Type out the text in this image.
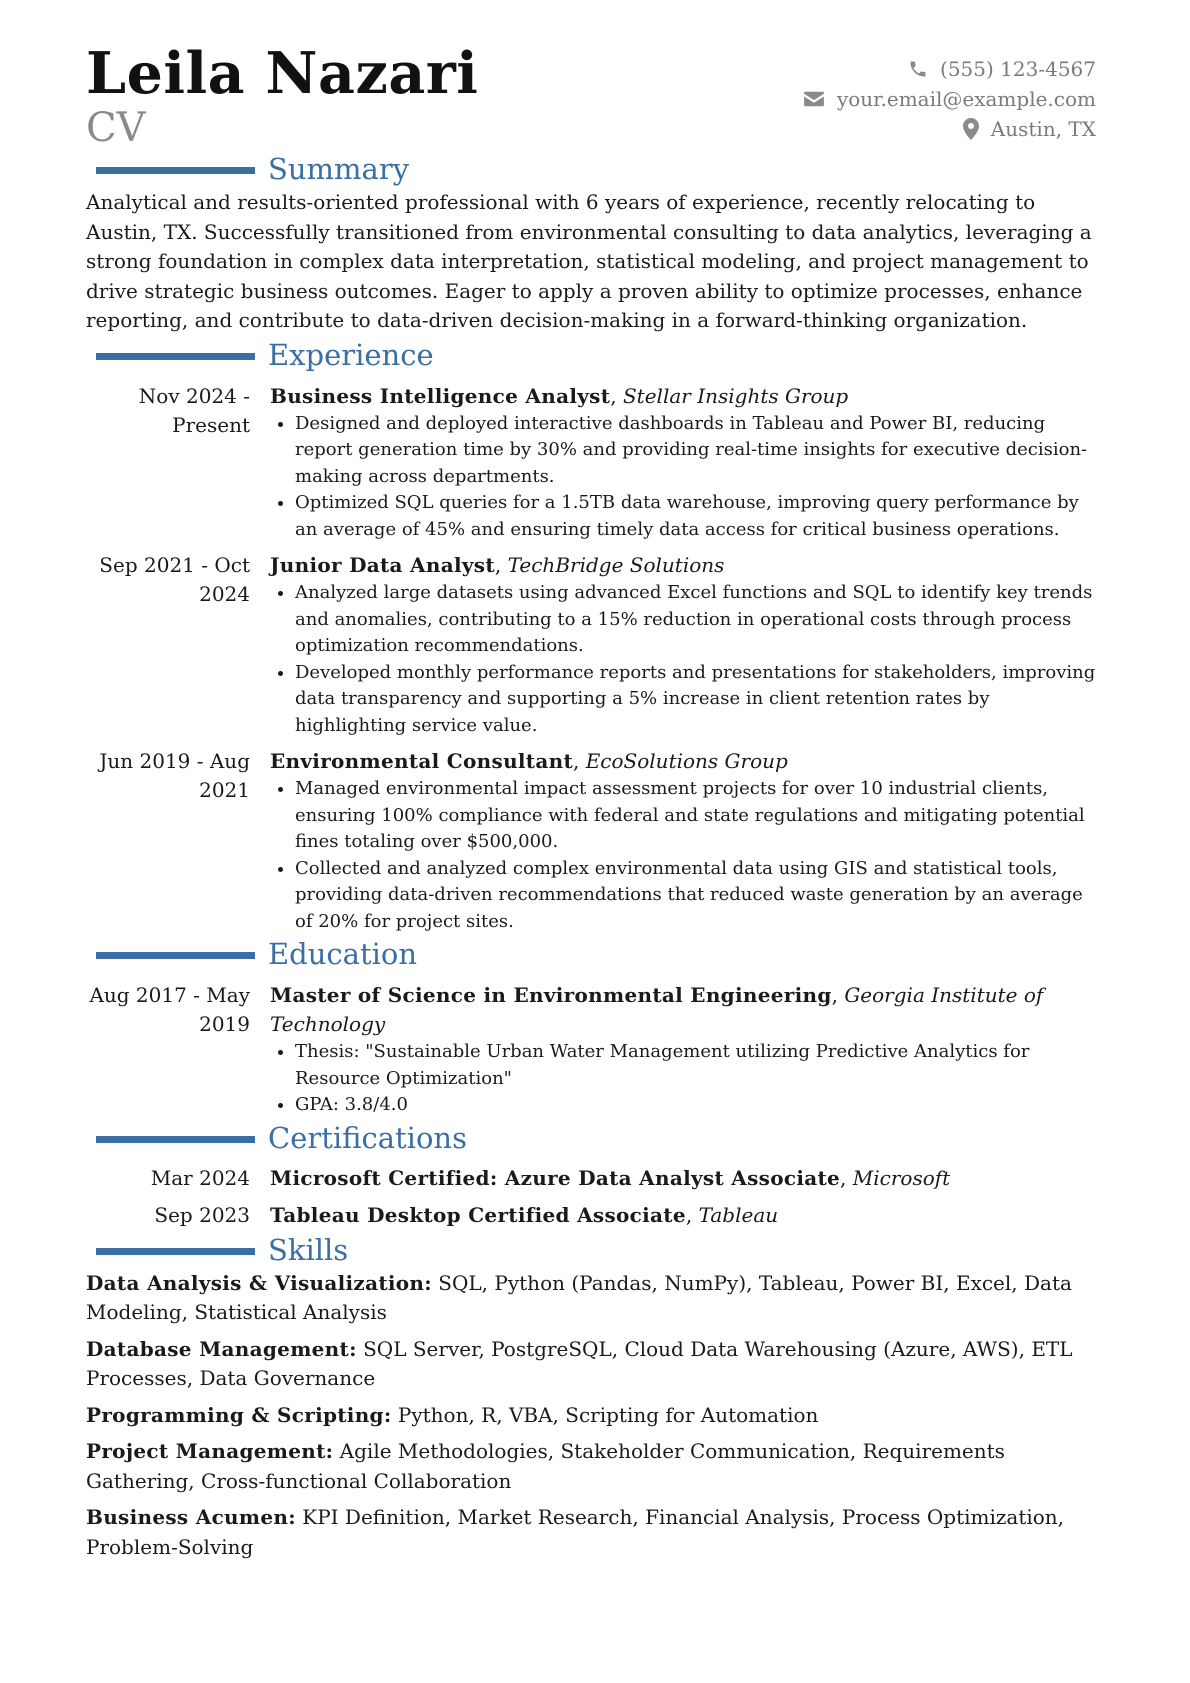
Leila Nazari
CV
(555) 123-4567
your.email@example.com
Austin, TX
Summary

Analytical and results-oriented professional with 6 years of experience, recently relocating to Austin, TX. Successfully transitioned from environmental consulting to data analytics, leveraging a strong foundation in complex data interpretation, statistical modeling, and project management to drive strategic business outcomes. Eager to apply a proven ability to optimize processes, enhance reporting, and contribute to data-driven decision-making in a forward-thinking organization.

Experience
Nov 2024 - Present
Business Intelligence Analyst, Stellar Insights Group
• Designed and deployed interactive dashboards in Tableau and Power BI, reducing report generation time by 30% and providing real-time insights for executive decision-making across departments.
• Optimized SQL queries for a 1.5TB data warehouse, improving query performance by an average of 45% and ensuring timely data access for critical business operations.
Sep 2021 - Oct 2024
Junior Data Analyst, TechBridge Solutions
• Analyzed large datasets using advanced Excel functions and SQL to identify key trends and anomalies, contributing to a 15% reduction in operational costs through process optimization recommendations.
• Developed monthly performance reports and presentations for stakeholders, improving data transparency and supporting a 5% increase in client retention rates by highlighting service value.
Jun 2019 - Aug 2021
Environmental Consultant, EcoSolutions Group
• Managed environmental impact assessment projects for over 10 industrial clients, ensuring 100% compliance with federal and state regulations and mitigating potential fines totaling over $500,000.
• Collected and analyzed complex environmental data using GIS and statistical tools, providing data-driven recommendations that reduced waste generation by an average of 20% for project sites.
Education
Aug 2017 - May 2019
Master of Science in Environmental Engineering, Georgia Institute of Technology
• Thesis: "Sustainable Urban Water Management utilizing Predictive Analytics for Resource Optimization"
• GPA: 3.8/4.0
Certifications
Mar 2024 Microsoft Certified: Azure Data Analyst Associate, Microsoft
Sep 2023 Tableau Desktop Certified Associate, Tableau
Skills
Data Analysis & Visualization: SQL, Python (Pandas, NumPy), Tableau, Power BI, Excel, Data Modeling, Statistical Analysis
Database Management: SQL Server, PostgreSQL, Cloud Data Warehousing (Azure, AWS), ETL Processes, Data Governance
Programming & Scripting: Python, R, VBA, Scripting for Automation
Project Management: Agile Methodologies, Stakeholder Communication, Requirements Gathering, Cross-functional Collaboration
Business Acumen: KPI Definition, Market Research, Financial Analysis, Process Optimization, Problem-Solving
